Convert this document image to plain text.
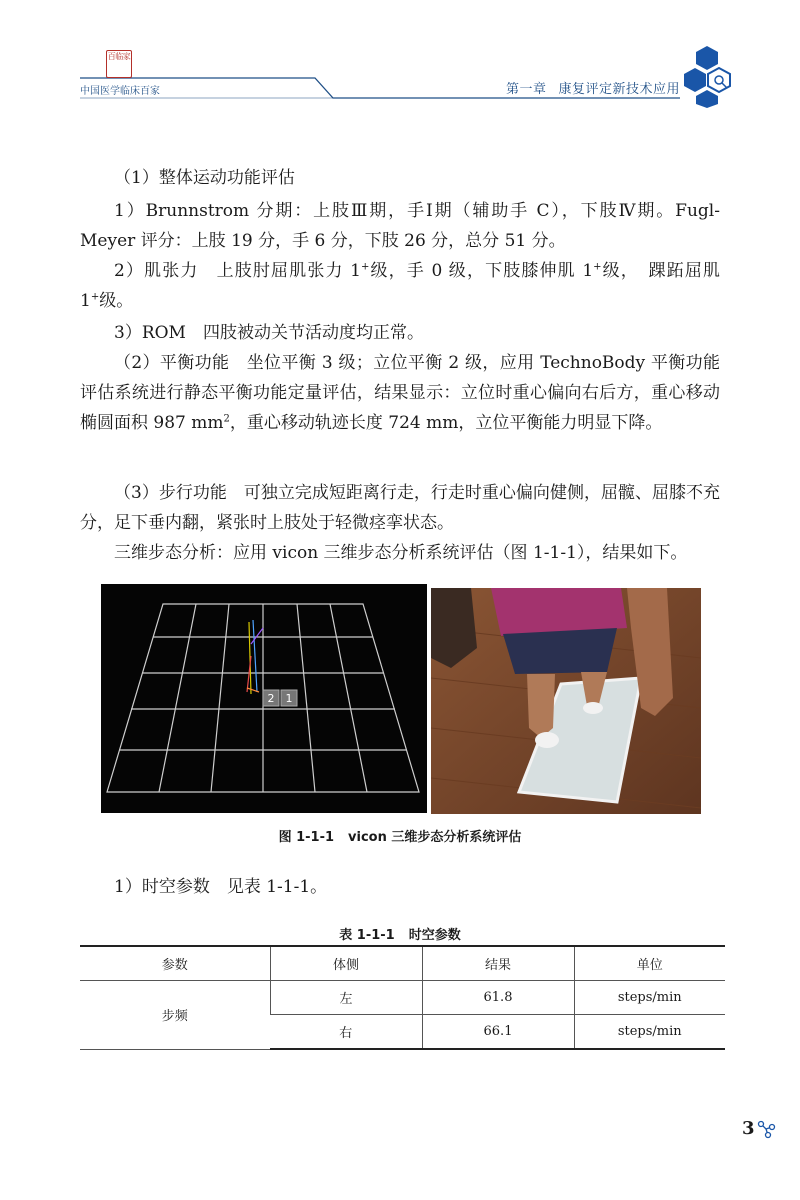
百临家
中国医学临床百家	第一章 康复评定新技术应用

（1）整体运动功能评估

1）Brunnstrom 分期：上肢Ⅲ期，手Ⅰ期（辅助手 C），下肢Ⅳ期。Fugl-Meyer 评分：上肢 19 分，手 6 分，下肢 26 分，总分 51 分。

2）肌张力　上肢肘屈肌张力 1+级，手 0 级，下肢膝伸肌 1+级，　踝跖屈肌 1+级。

3）ROM　四肢被动关节活动度均正常。

（2）平衡功能　坐位平衡 3 级；立位平衡 2 级，应用 TechnoBody 平衡功能评估系统进行静态平衡功能定量评估，结果显示：立位时重心偏向右后方，重心移动椭圆面积 987 $mm^2$，重心移动轨迹长度 724 mm，立位平衡能力明显下降。

（3）步行功能　可独立完成短距离行走，行走时重心偏向健侧，屈髋、屈膝不充分，足下垂内翻，紧张时上肢处于轻微痉挛状态。

三维步态分析：应用 vicon 三维步态分析系统评估（图 1-1-1），结果如下。

2 1
图 1-1-1 vicon 三维步态分析系统评估

1）时空参数　见表 1-1-1。

表 1-1-1 时空参数
参数	体侧	结果	单位
步频	左	61.8	steps/min
	右	66.1	steps/min
3
